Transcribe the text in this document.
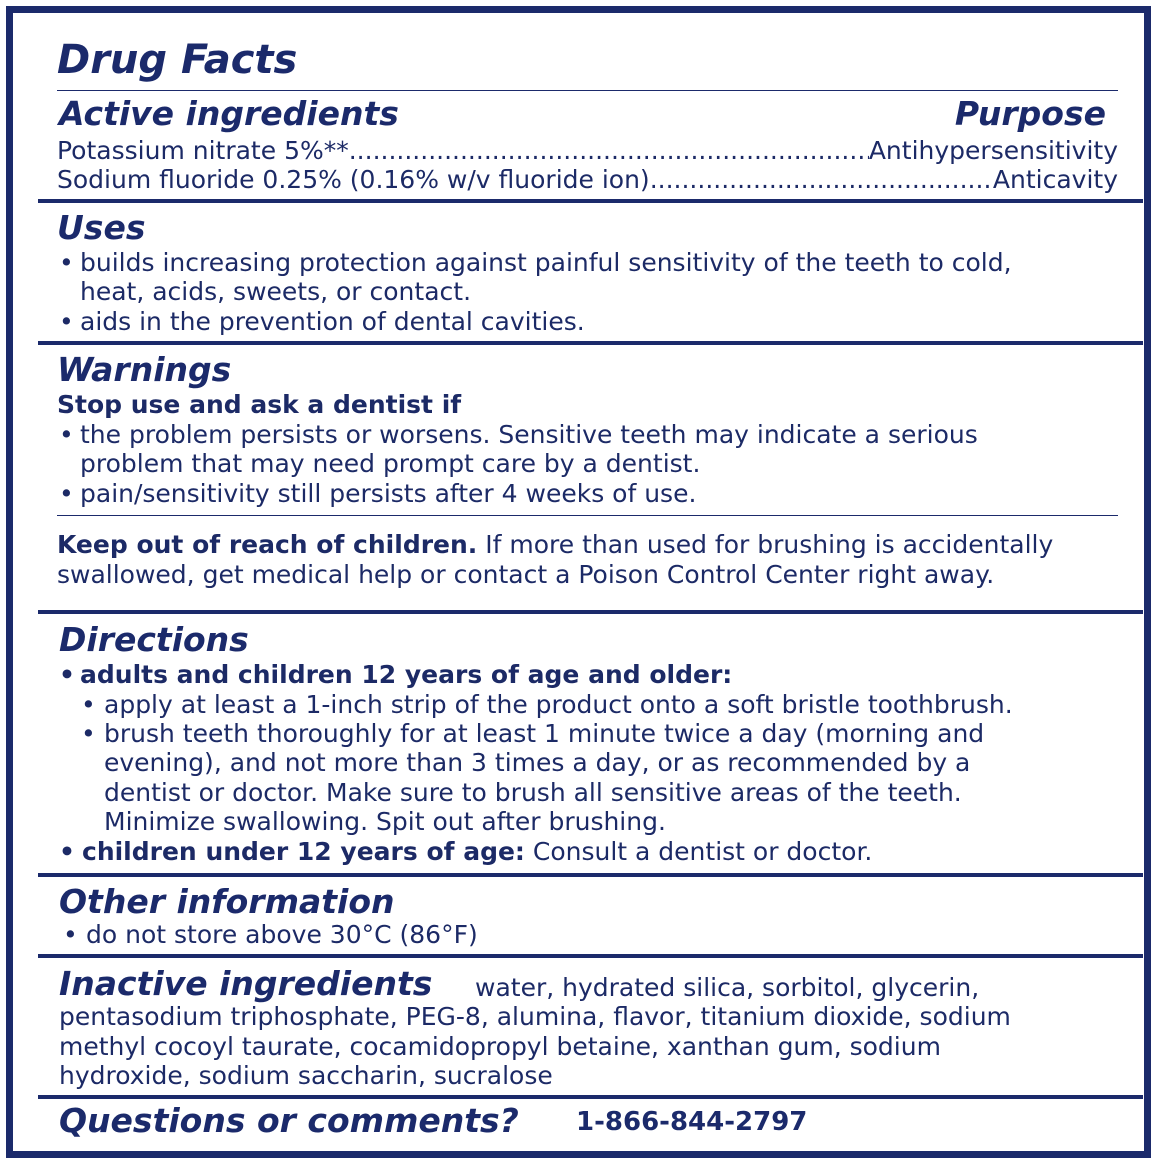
Drug Facts
Active ingredients	Purpose
Potassium nitrate 5%** .....	Antihypersensitivity
Sodium fluoride 0.25% (0.16% w/v fluoride ion) .....	Anticavity
Uses
• builds increasing protection against painful sensitivity of the teeth to cold,
heat, acids, sweets, or contact.
• aids in the prevention of dental cavities.
Warnings
Stop use and ask a dentist if
• the problem persists or worsens. Sensitive teeth may indicate a serious
problem that may need prompt care by a dentist.
• pain/sensitivity still persists after 4 weeks of use.
Keep out of reach of children. If more than used for brushing is accidentally
swallowed, get medical help or contact a Poison Control Center right away.
Directions
• adults and children 12 years of age and older:
• apply at least a 1-inch strip of the product onto a soft bristle toothbrush.
• brush teeth thoroughly for at least 1 minute twice a day (morning and
evening), and not more than 3 times a day, or as recommended by a
dentist or doctor. Make sure to brush all sensitive areas of the teeth.
Minimize swallowing. Spit out after brushing.
• children under 12 years of age: Consult a dentist or doctor.
Other information
• do not store above 30°C (86°F)
Inactive ingredients water, hydrated silica, sorbitol, glycerin,
pentasodium triphosphate, PEG-8, alumina, flavor, titanium dioxide, sodium
methyl cocoyl taurate, cocamidopropyl betaine, xanthan gum, sodium
hydroxide, sodium saccharin, sucralose
Questions or comments? 1-866-844-2797
